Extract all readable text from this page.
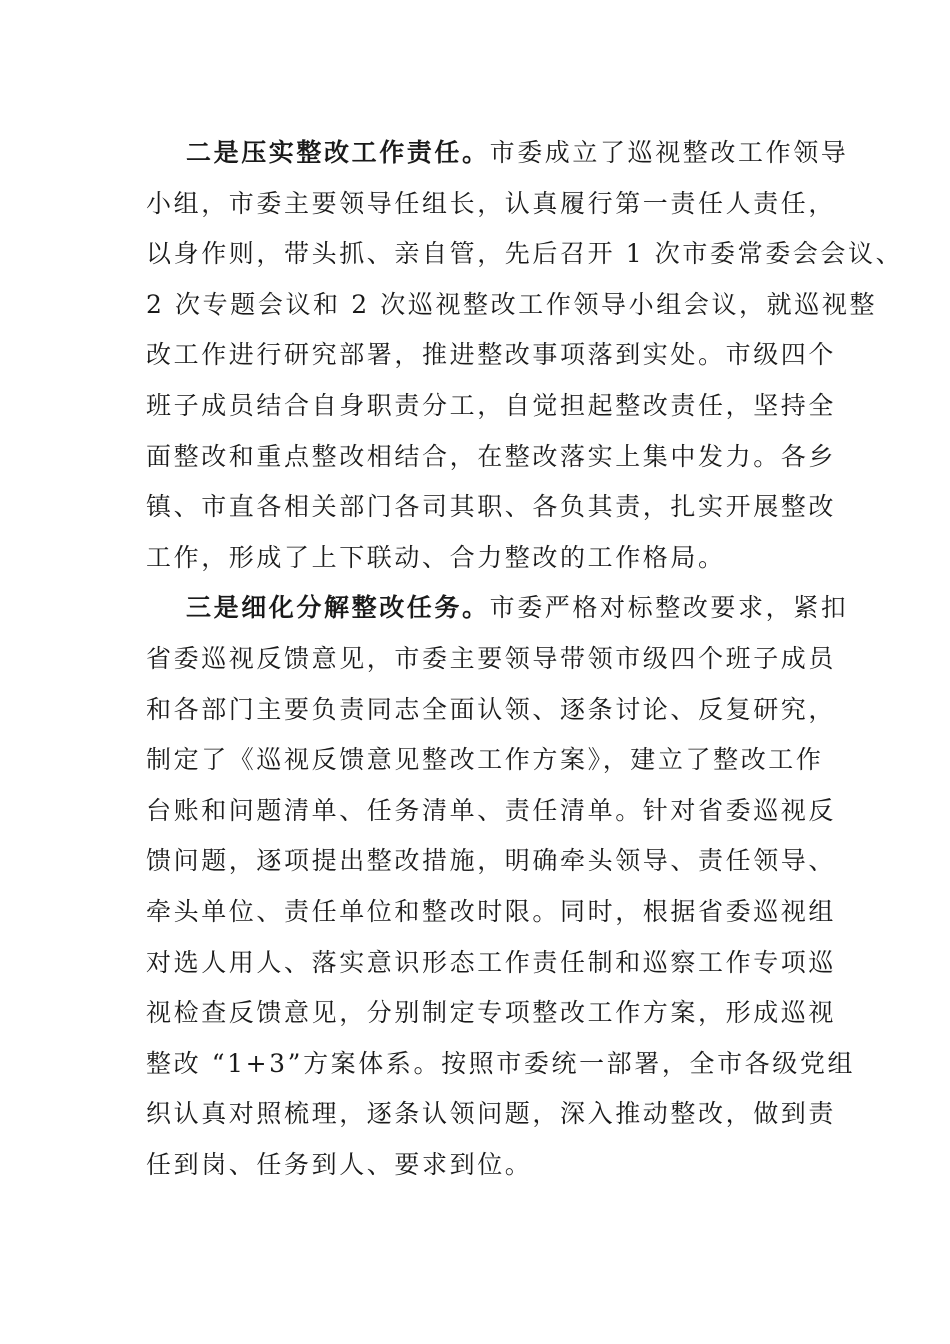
二是压实整改工作责任。市委成立了巡视整改工作领导
小组，市委主要领导任组长，认真履行第一责任人责任，
以身作则，带头抓、亲自管，先后召开 1 次市委常委会会议、
2 次专题会议和 2 次巡视整改工作领导小组会议，就巡视整
改工作进行研究部署，推进整改事项落到实处。市级四个
班子成员结合自身职责分工，自觉担起整改责任，坚持全
面整改和重点整改相结合，在整改落实上集中发力。各乡
镇、市直各相关部门各司其职、各负其责，扎实开展整改
工作，形成了上下联动、合力整改的工作格局。
三是细化分解整改任务。市委严格对标整改要求，紧扣
省委巡视反馈意见，市委主要领导带领市级四个班子成员
和各部门主要负责同志全面认领、逐条讨论、反复研究，
制定了《巡视反馈意见整改工作方案》，建立了整改工作
台账和问题清单、任务清单、责任清单。针对省委巡视反
馈问题，逐项提出整改措施，明确牵头领导、责任领导、
牵头单位、责任单位和整改时限。同时，根据省委巡视组
对选人用人、落实意识形态工作责任制和巡察工作专项巡
视检查反馈意见，分别制定专项整改工作方案，形成巡视
整改 “1+3”方案体系。按照市委统一部署，全市各级党组
织认真对照梳理，逐条认领问题，深入推动整改，做到责
任到岗、任务到人、要求到位。
